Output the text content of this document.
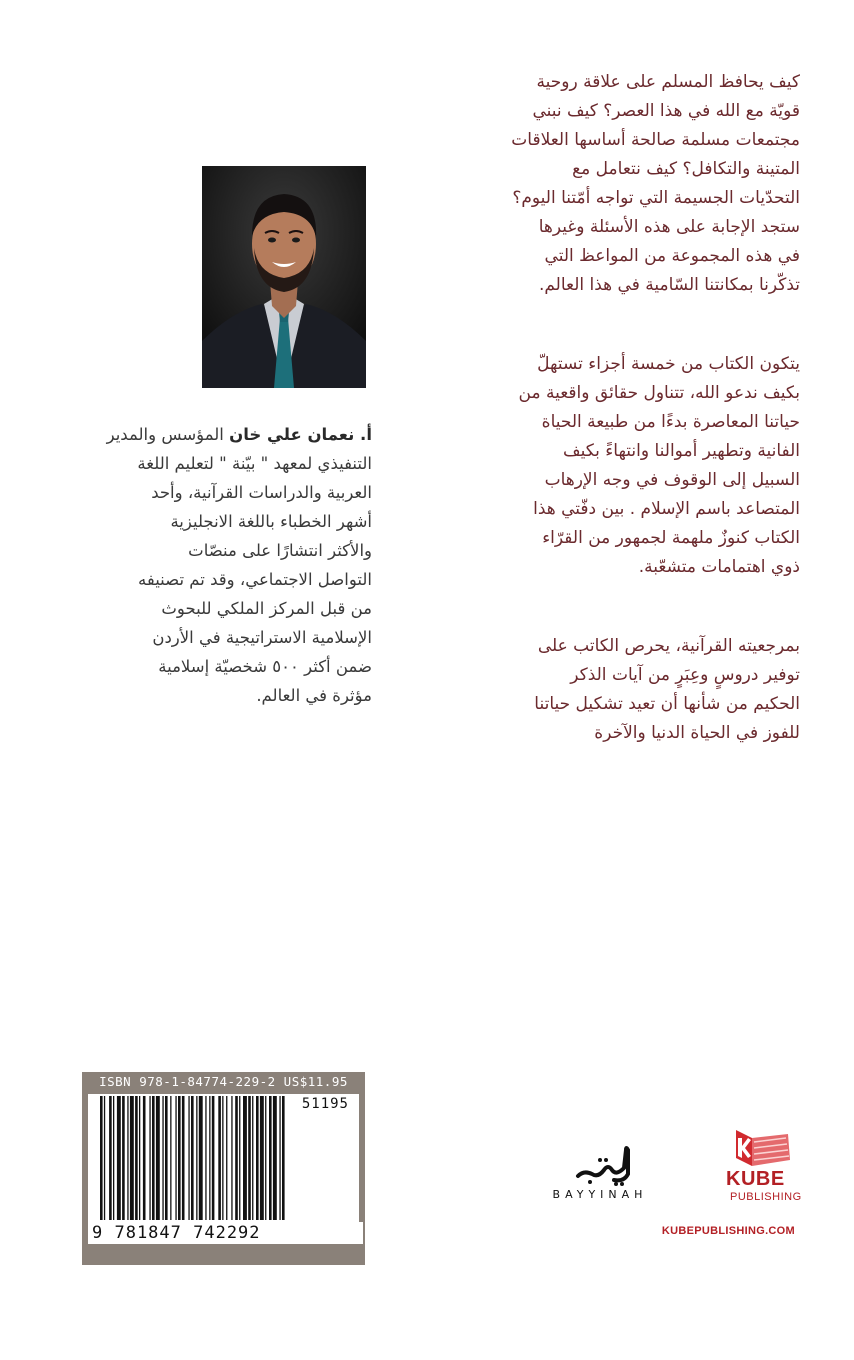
كيف يحافظ المسلم على علاقة روحية
قويّة مع الله في هذا العصر؟ كيف نبني
مجتمعات مسلمة صالحة أساسها العلاقات
المتينة والتكافل؟ كيف نتعامل مع
التحدّيات الجسيمة التي تواجه أمّتنا اليوم؟
ستجد الإجابة على هذه الأسئلة وغيرها
في هذه المجموعة من المواعظ التي
تذكّرنا بمكانتنا السّامية في هذا العالم.

يتكون الكتاب من خمسة أجزاء تستهلّ
بكيف ندعو الله، تتناول حقائق واقعية من
حياتنا المعاصرة بدءًا من طبيعة الحياة
الفانية وتطهير أموالنا وانتهاءً بكيف
السبيل إلى الوقوف في وجه الإرهاب
المتصاعد باسم الإسلام . بين دفّتي هذا
الكتاب كنوزٌ ملهمة لجمهور من القرّاء
ذوي اهتمامات متشعّبة.

بمرجعيته القرآنية، يحرص الكاتب على
توفير دروسٍ وعِبَرٍ من آيات الذكر
الحكيم من شأنها أن تعيد تشكيل حياتنا
للفوز في الحياة الدنيا والآخرة

أ. نعمان علي خان المؤسس والمدير
التنفيذي لمعهد " بيّنة " لتعليم اللغة
العربية والدراسات القرآنية، وأحد
أشهر الخطباء باللغة الانجليزية
والأكثر انتشارًا على منصّات
التواصل الاجتماعي، وقد تم تصنيفه
من قبل المركز الملكي للبحوث
الإسلامية الاستراتيجية في الأردن
ضمن أكثر ٥٠٠ شخصيّة إسلامية
مؤثرة في العالم.
ISBN 978-1-84774-229-2 US$11.95
51195
9 781847 742292
BAYYINAH
KUBE
PUBLISHING
KUBEPUBLISHING.COM
